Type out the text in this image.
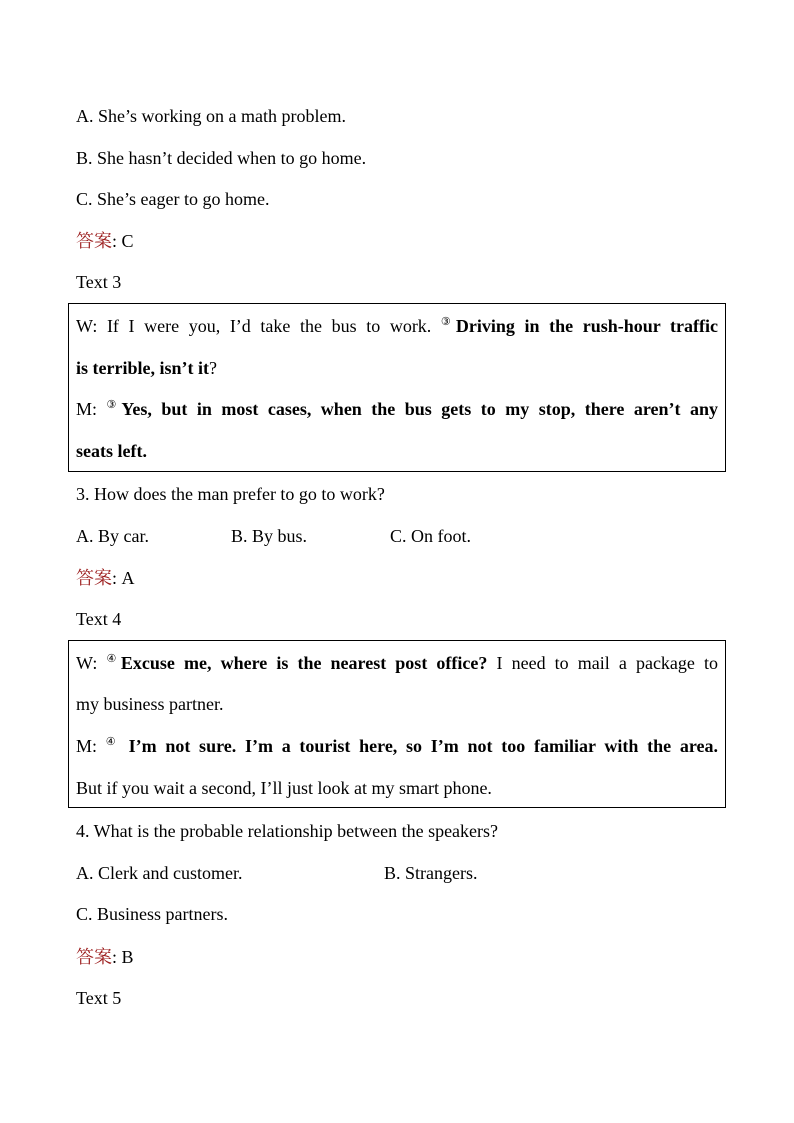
A. She’s working on a math problem.
B. She hasn’t decided when to go home.
C. She’s eager to go home.
答案: C
Text 3
W: If I were you, I’d take the bus to work. ③Driving in the rush-hour traffic
is terrible, isn’t it?
M: ③Yes, but in most cases, when the bus gets to my stop, there aren’t any
seats left.
3. How does the man prefer to go to work?
A. By car.	B. By bus.	C. On foot.
答案: A
Text 4
W: ④Excuse me, where is the nearest post office? I need to mail a package to
my business partner.
M: ④ I’m not sure. I’m a tourist here, so I’m not too familiar with the area.
But if you wait a second, I’ll just look at my smart phone.
4. What is the probable relationship between the speakers?
A. Clerk and customer.	B. Strangers.
C. Business partners.
答案: B
Text 5
